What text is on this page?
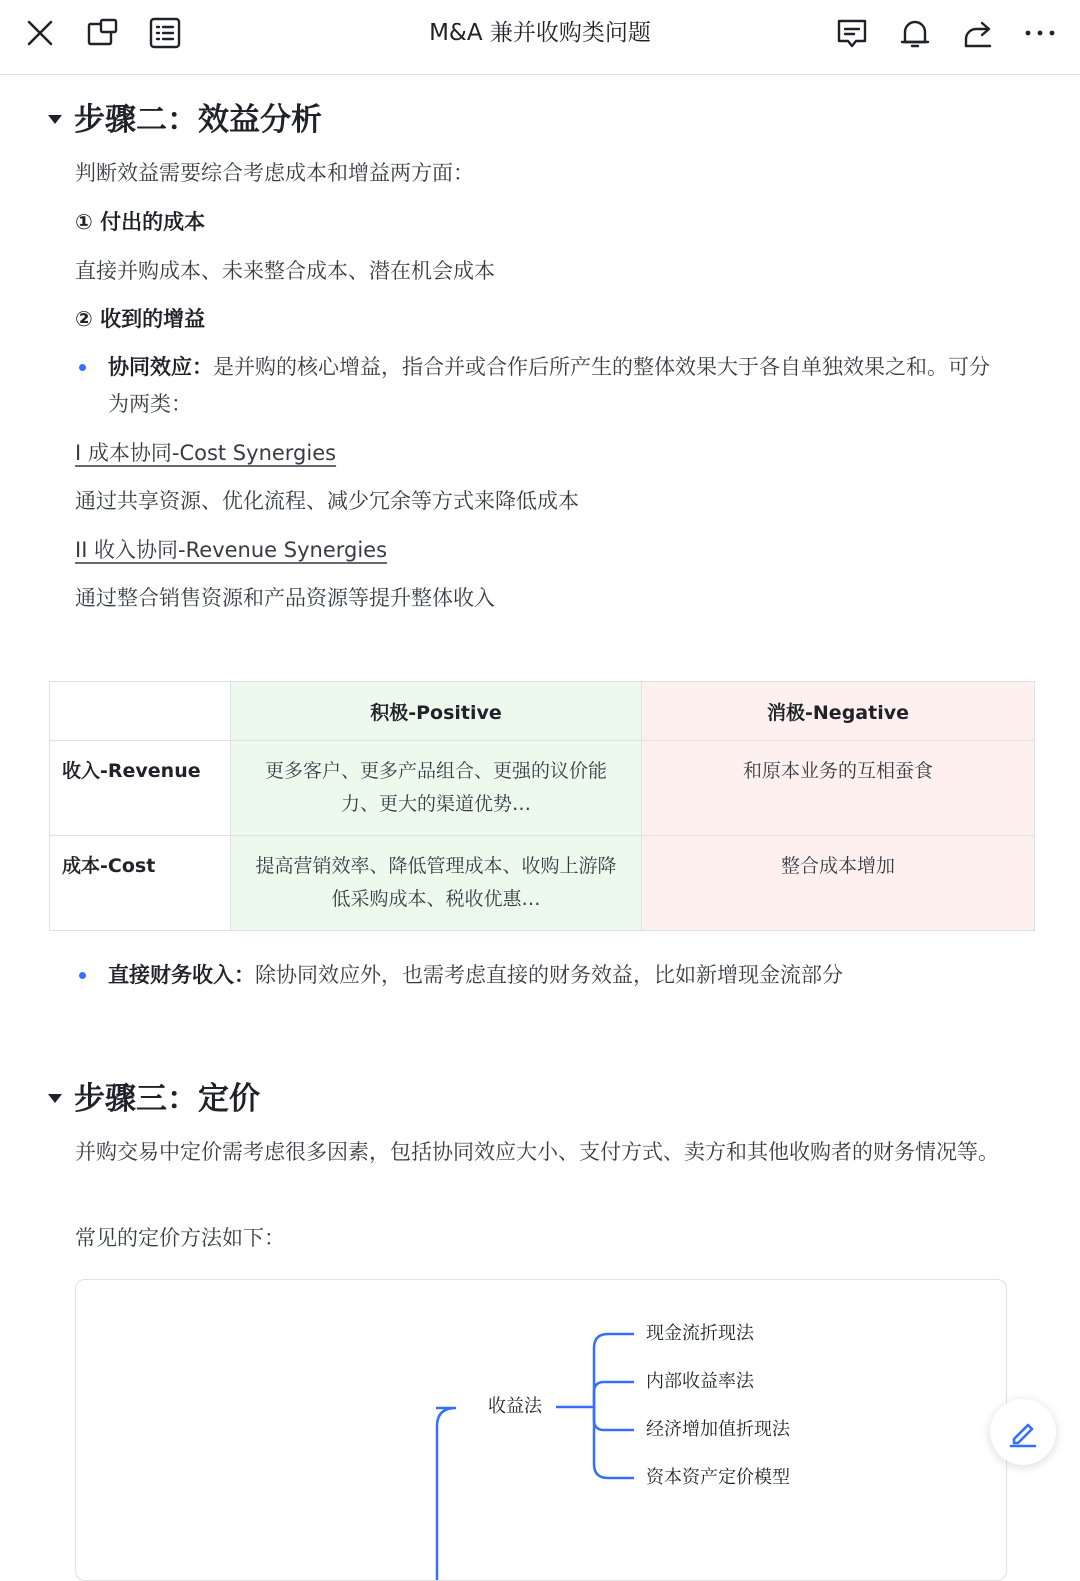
M&A 兼并收购类问题
步骤二：效益分析
判断效益需要综合考虑成本和增益两方面：
① 付出的成本
直接并购成本、未来整合成本、潜在机会成本
② 收到的增益
协同效应：是并购的核心增益，指合并或合作后所产生的整体效果大于各自单独效果之和。可分为两类：
I 成本协同-Cost Synergies
通过共享资源、优化流程、减少冗余等方式来降低成本
II 收入协同-Revenue Synergies
通过整合销售资源和产品资源等提升整体收入
	积极-Positive	消极-Negative
收入-Revenue	更多客户、更多产品组合、更强的议价能力、更大的渠道优势…	和原本业务的互相蚕食
成本-Cost	提高营销效率、降低管理成本、收购上游降低采购成本、税收优惠…	整合成本增加
直接财务收入：除协同效应外，也需考虑直接的财务效益，比如新增现金流部分
步骤三：定价
并购交易中定价需考虑很多因素，包括协同效应大小、支付方式、卖方和其他收购者的财务情况等。
常见的定价方法如下：
收益法
现金流折现法
内部收益率法
经济增加值折现法
资本资产定价模型
